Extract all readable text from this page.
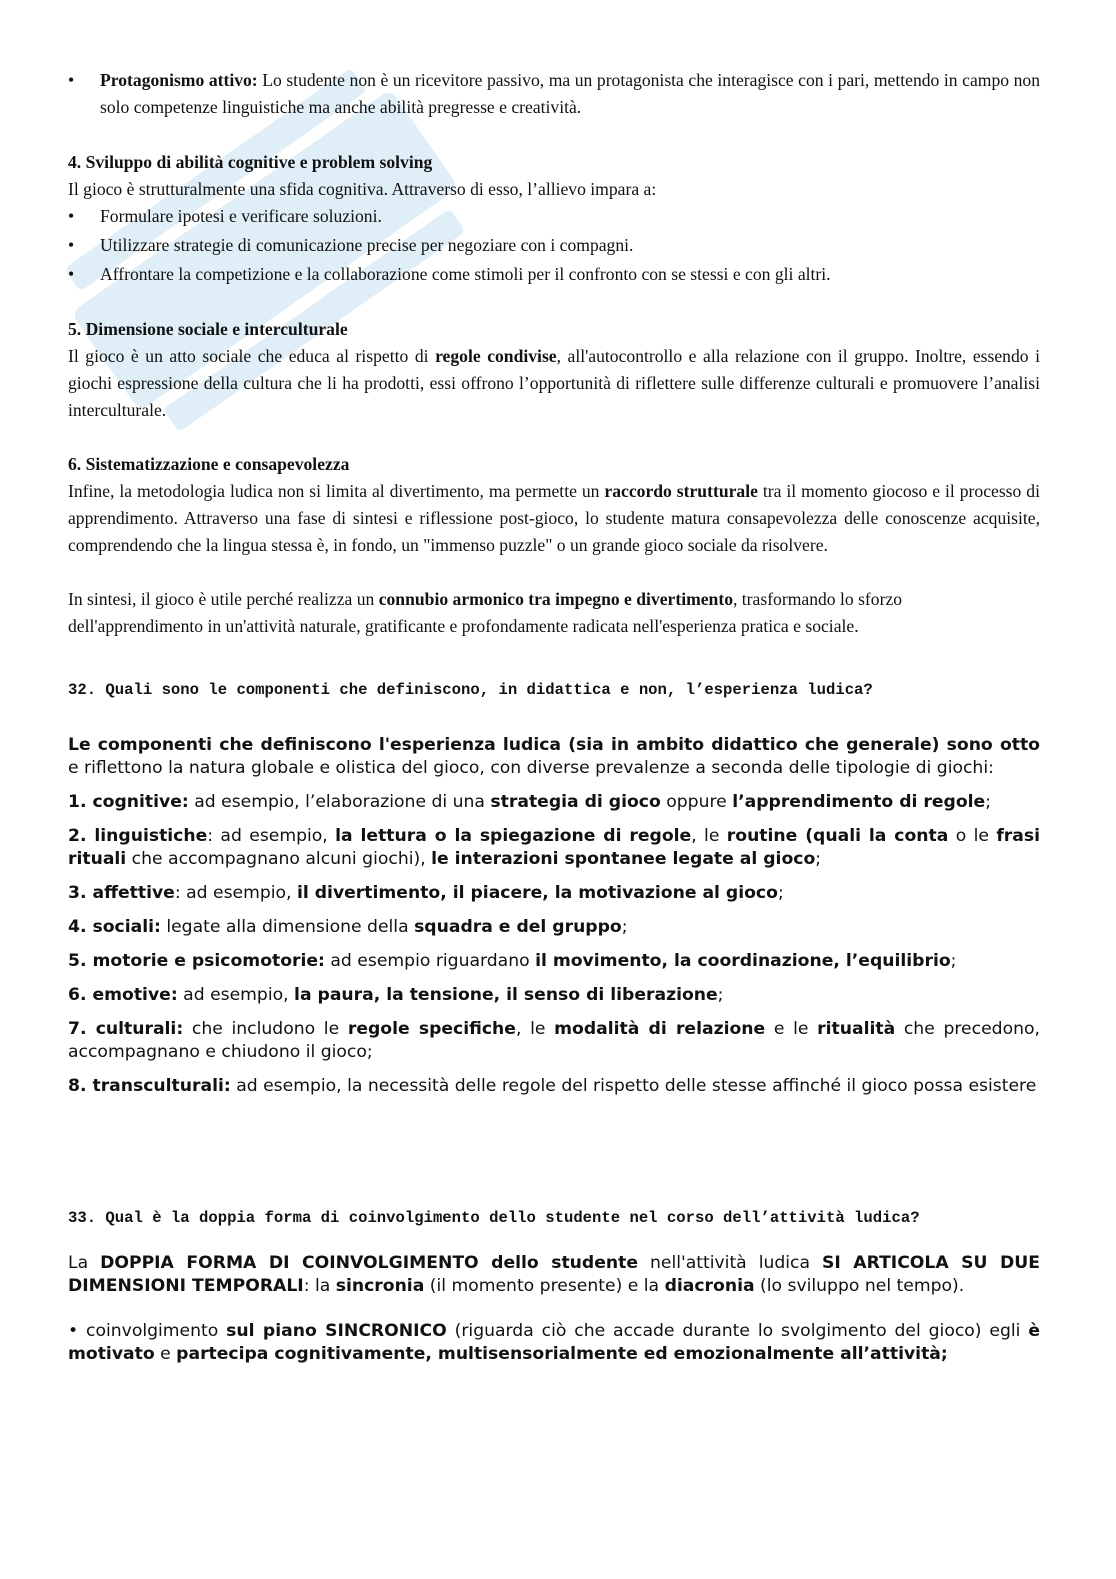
• Protagonismo attivo: Lo studente non è un ricevitore passivo, ma un protagonista che interagisce con i pari, mettendo in campo non solo competenze linguistiche ma anche abilità pregresse e creatività.

4. Sviluppo di abilità cognitive e problem solving

Il gioco è strutturalmente una sfida cognitiva. Attraverso di esso, l’allievo impara a:

• Formulare ipotesi e verificare soluzioni.
• Utilizzare strategie di comunicazione precise per negoziare con i compagni.
• Affrontare la competizione e la collaborazione come stimoli per il confronto con se stessi e con gli altri.

5. Dimensione sociale e interculturale

Il gioco è un atto sociale che educa al rispetto di regole condivise, all'autocontrollo e alla relazione con il gruppo. Inoltre, essendo i giochi espressione della cultura che li ha prodotti, essi offrono l’opportunità di riflettere sulle differenze culturali e promuovere l’analisi interculturale.

6. Sistematizzazione e consapevolezza

Infine, la metodologia ludica non si limita al divertimento, ma permette un raccordo strutturale tra il momento giocoso e il processo di apprendimento. Attraverso una fase di sintesi e riflessione post-gioco, lo studente matura consapevolezza delle conoscenze acquisite, comprendendo che la lingua stessa è, in fondo, un "immenso puzzle" o un grande gioco sociale da risolvere.

In sintesi, il gioco è utile perché realizza un connubio armonico tra impegno e divertimento, trasformando lo sforzo dell'apprendimento in un'attività naturale, gratificante e profondamente radicata nell'esperienza pratica e sociale.

32. Quali sono le componenti che definiscono, in didattica e non, l’esperienza ludica?

Le componenti che definiscono l'esperienza ludica (sia in ambito didattico che generale) sono otto e riflettono la natura globale e olistica del gioco, con diverse prevalenze a seconda delle tipologie di giochi:

1. cognitive: ad esempio, l’elaborazione di una strategia di gioco oppure l’apprendimento di regole;

2. linguistiche: ad esempio, la lettura o la spiegazione di regole, le routine (quali la conta o le frasi rituali che accompagnano alcuni giochi), le interazioni spontanee legate al gioco;

3. affettive: ad esempio, il divertimento, il piacere, la motivazione al gioco;

4. sociali: legate alla dimensione della squadra e del gruppo;

5. motorie e psicomotorie: ad esempio riguardano il movimento, la coordinazione, l’equilibrio;

6. emotive: ad esempio, la paura, la tensione, il senso di liberazione;

7. culturali: che includono le regole specifiche, le modalità di relazione e le ritualità che precedono, accompagnano e chiudono il gioco;

8. transculturali: ad esempio, la necessità delle regole del rispetto delle stesse affinché il gioco possa esistere

33. Qual è la doppia forma di coinvolgimento dello studente nel corso dell’attività ludica?

La DOPPIA FORMA DI COINVOLGIMENTO dello studente nell'attività ludica SI ARTICOLA SU DUE DIMENSIONI TEMPORALI: la sincronia (il momento presente) e la diacronia (lo sviluppo nel tempo).

• coinvolgimento sul piano SINCRONICO (riguarda ciò che accade durante lo svolgimento del gioco) egli è motivato e partecipa cognitivamente, multisensorialmente ed emozionalmente all’attività;
